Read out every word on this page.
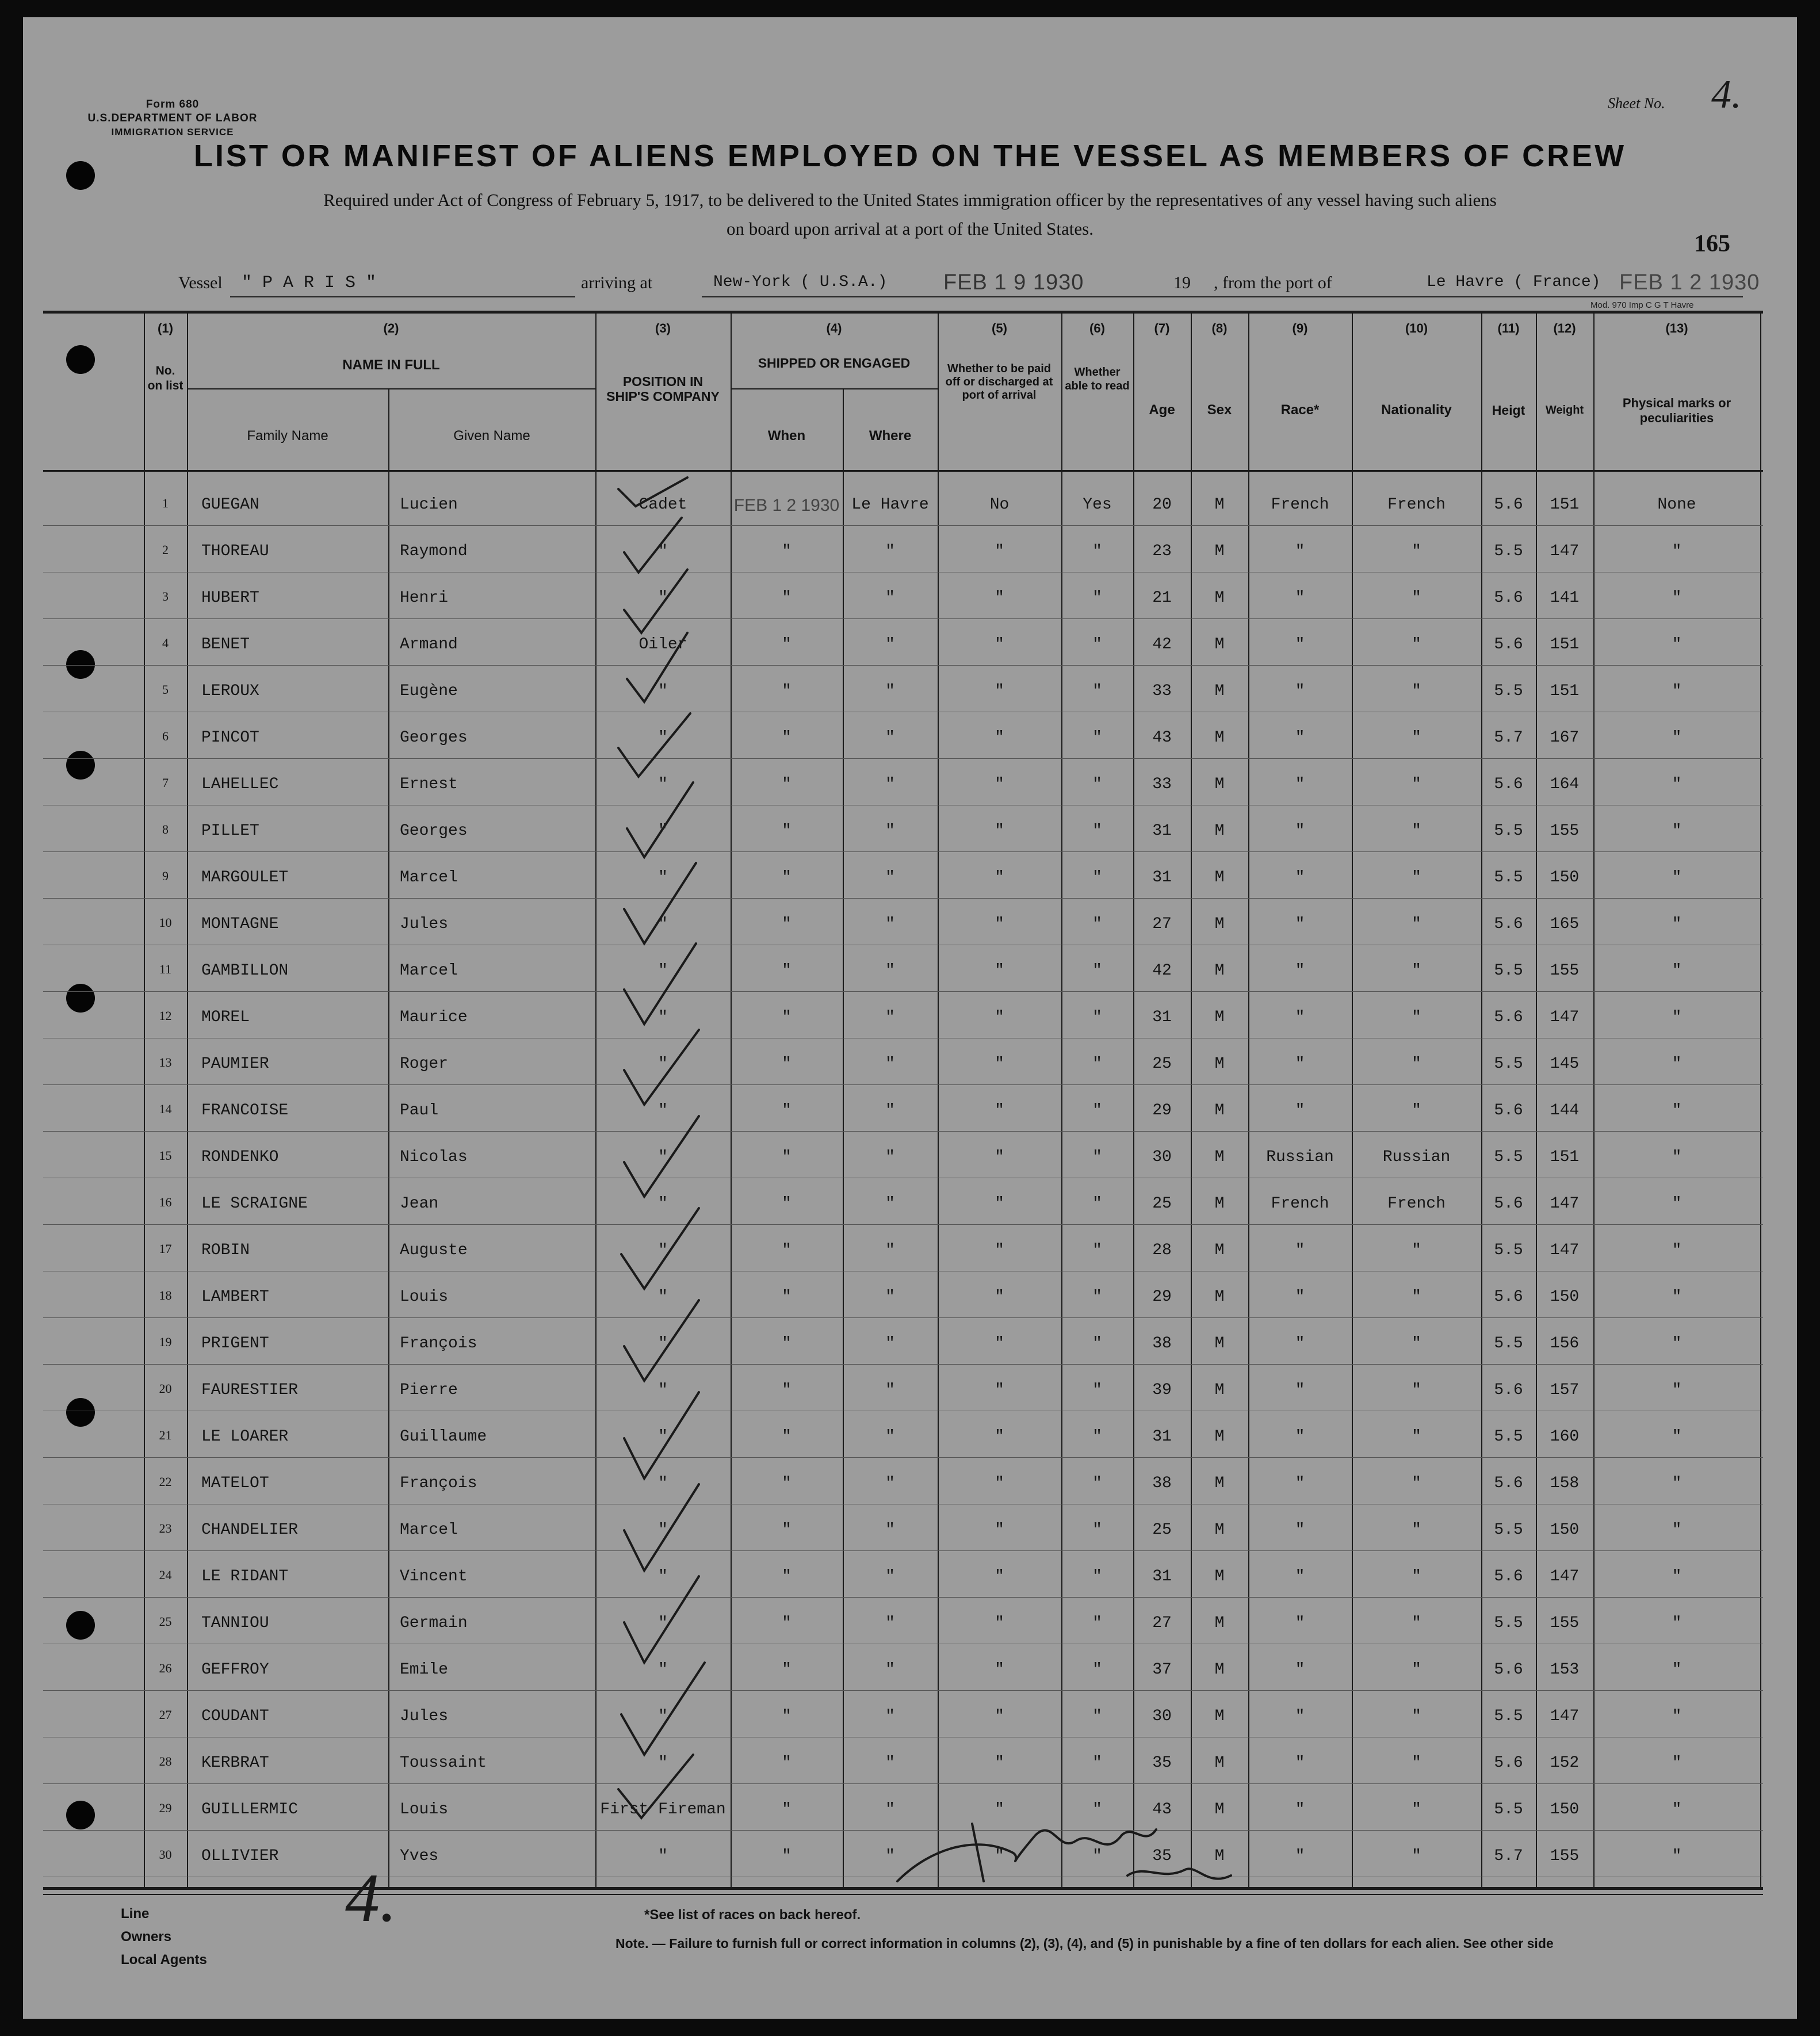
Form 680
U.S.DEPARTMENT OF LABOR
IMMIGRATION SERVICE
Sheet No. 4.
LIST OR MANIFEST OF ALIENS EMPLOYED ON THE VESSEL AS MEMBERS OF CREW
Required under Act of Congress of February 5, 1917, to be delivered to the United States immigration officer by the representatives of any vessel having such aliens
on board upon arrival at a port of the United States.
165
Vessel " P A R I S "	arriving at	New-York ( U.S.A.)	FEB 1 9 1930	19 , from the port of	Le Havre ( France) FEB 1 2 1930
Mod. 970 Imp C G T Havre
(1)	(2)	(3)	(4)	(5)	(6)	(7)	(8)	(9)	(10)	(11)	(12)	(13)
No. on list
NAME IN FULL
Family Name	Given Name
POSITION IN SHIP'S COMPANY
SHIPPED OR ENGAGED
When	Where
Whether to be paid off or discharged at port of arrival
Whether able to read
Age	Sex	Race*	Nationality	Heigt	Weight	Physical marks or peculiarities
1	GUEGAN	Lucien	Cadet	FEB 1 2 1930 Le Havre	No	Yes	20	M	French	French	5.6	151	None
2	THOREAU	Raymond	"	"	"	"	"	23	M	"	"	5.5	147	"
3	HUBERT	Henri	"	"	"	"	"	21	M	"	"	5.6	141	"
4	BENET	Armand	Oiler	"	"	"	"	42	M	"	"	5.6	151	"
5	LEROUX	Eugène	"	"	"	"	"	33	M	"	"	5.5	151	"
6	PINCOT	Georges	"	"	"	"	"	43	M	"	"	5.7	167	"
7	LAHELLEC	Ernest	"	"	"	"	"	33	M	"	"	5.6	164	"
8	PILLET	Georges	"	"	"	"	"	31	M	"	"	5.5	155	"
9	MARGOULET	Marcel	"	"	"	"	"	31	M	"	"	5.5	150	"
10	MONTAGNE	Jules	"	"	"	"	"	27	M	"	"	5.6	165	"
11	GAMBILLON	Marcel	"	"	"	"	"	42	M	"	"	5.5	155	"
12	MOREL	Maurice	"	"	"	"	"	31	M	"	"	5.6	147	"
13	PAUMIER	Roger	"	"	"	"	"	25	M	"	"	5.5	145	"
14	FRANCOISE	Paul	"	"	"	"	"	29	M	"	"	5.6	144	"
15	RONDENKO	Nicolas	"	"	"	"	"	30	M	Russian	Russian	5.5	151	"
16	LE SCRAIGNE	Jean	"	"	"	"	"	25	M	French	French	5.6	147	"
17	ROBIN	Auguste	"	"	"	"	"	28	M	"	"	5.5	147	"
18	LAMBERT	Louis	"	"	"	"	"	29	M	"	"	5.6	150	"
19	PRIGENT	François	"	"	"	"	"	38	M	"	"	5.5	156	"
20	FAURESTIER	Pierre	"	"	"	"	"	39	M	"	"	5.6	157	"
21	LE LOARER	Guillaume	"	"	"	"	"	31	M	"	"	5.5	160	"
22	MATELOT	François	"	"	"	"	"	38	M	"	"	5.6	158	"
23	CHANDELIER	Marcel	"	"	"	"	"	25	M	"	"	5.5	150	"
24	LE RIDANT	Vincent	"	"	"	"	"	31	M	"	"	5.6	147	"
25	TANNIOU	Germain	"	"	"	"	"	27	M	"	"	5.5	155	"
26	GEFFROY	Emile	"	"	"	"	"	37	M	"	"	5.6	153	"
27	COUDANT	Jules	"	"	"	"	"	30	M	"	"	5.5	147	"
28	KERBRAT	Toussaint	"	"	"	"	"	35	M	"	"	5.6	152	"
29	GUILLERMIC	Louis	First Fireman	"	"	"	"	43	M	"	"	5.5	150	"
30	OLLIVIER	Yves	"	"	"	"	"	35	M	"	"	5.7	155	"
4.
Line
Owners
Local Agents
*See list of races on back hereof.
Note. — Failure to furnish full or correct information in columns (2), (3), (4), and (5) in punishable by a fine of ten dollars for each alien. See other side
